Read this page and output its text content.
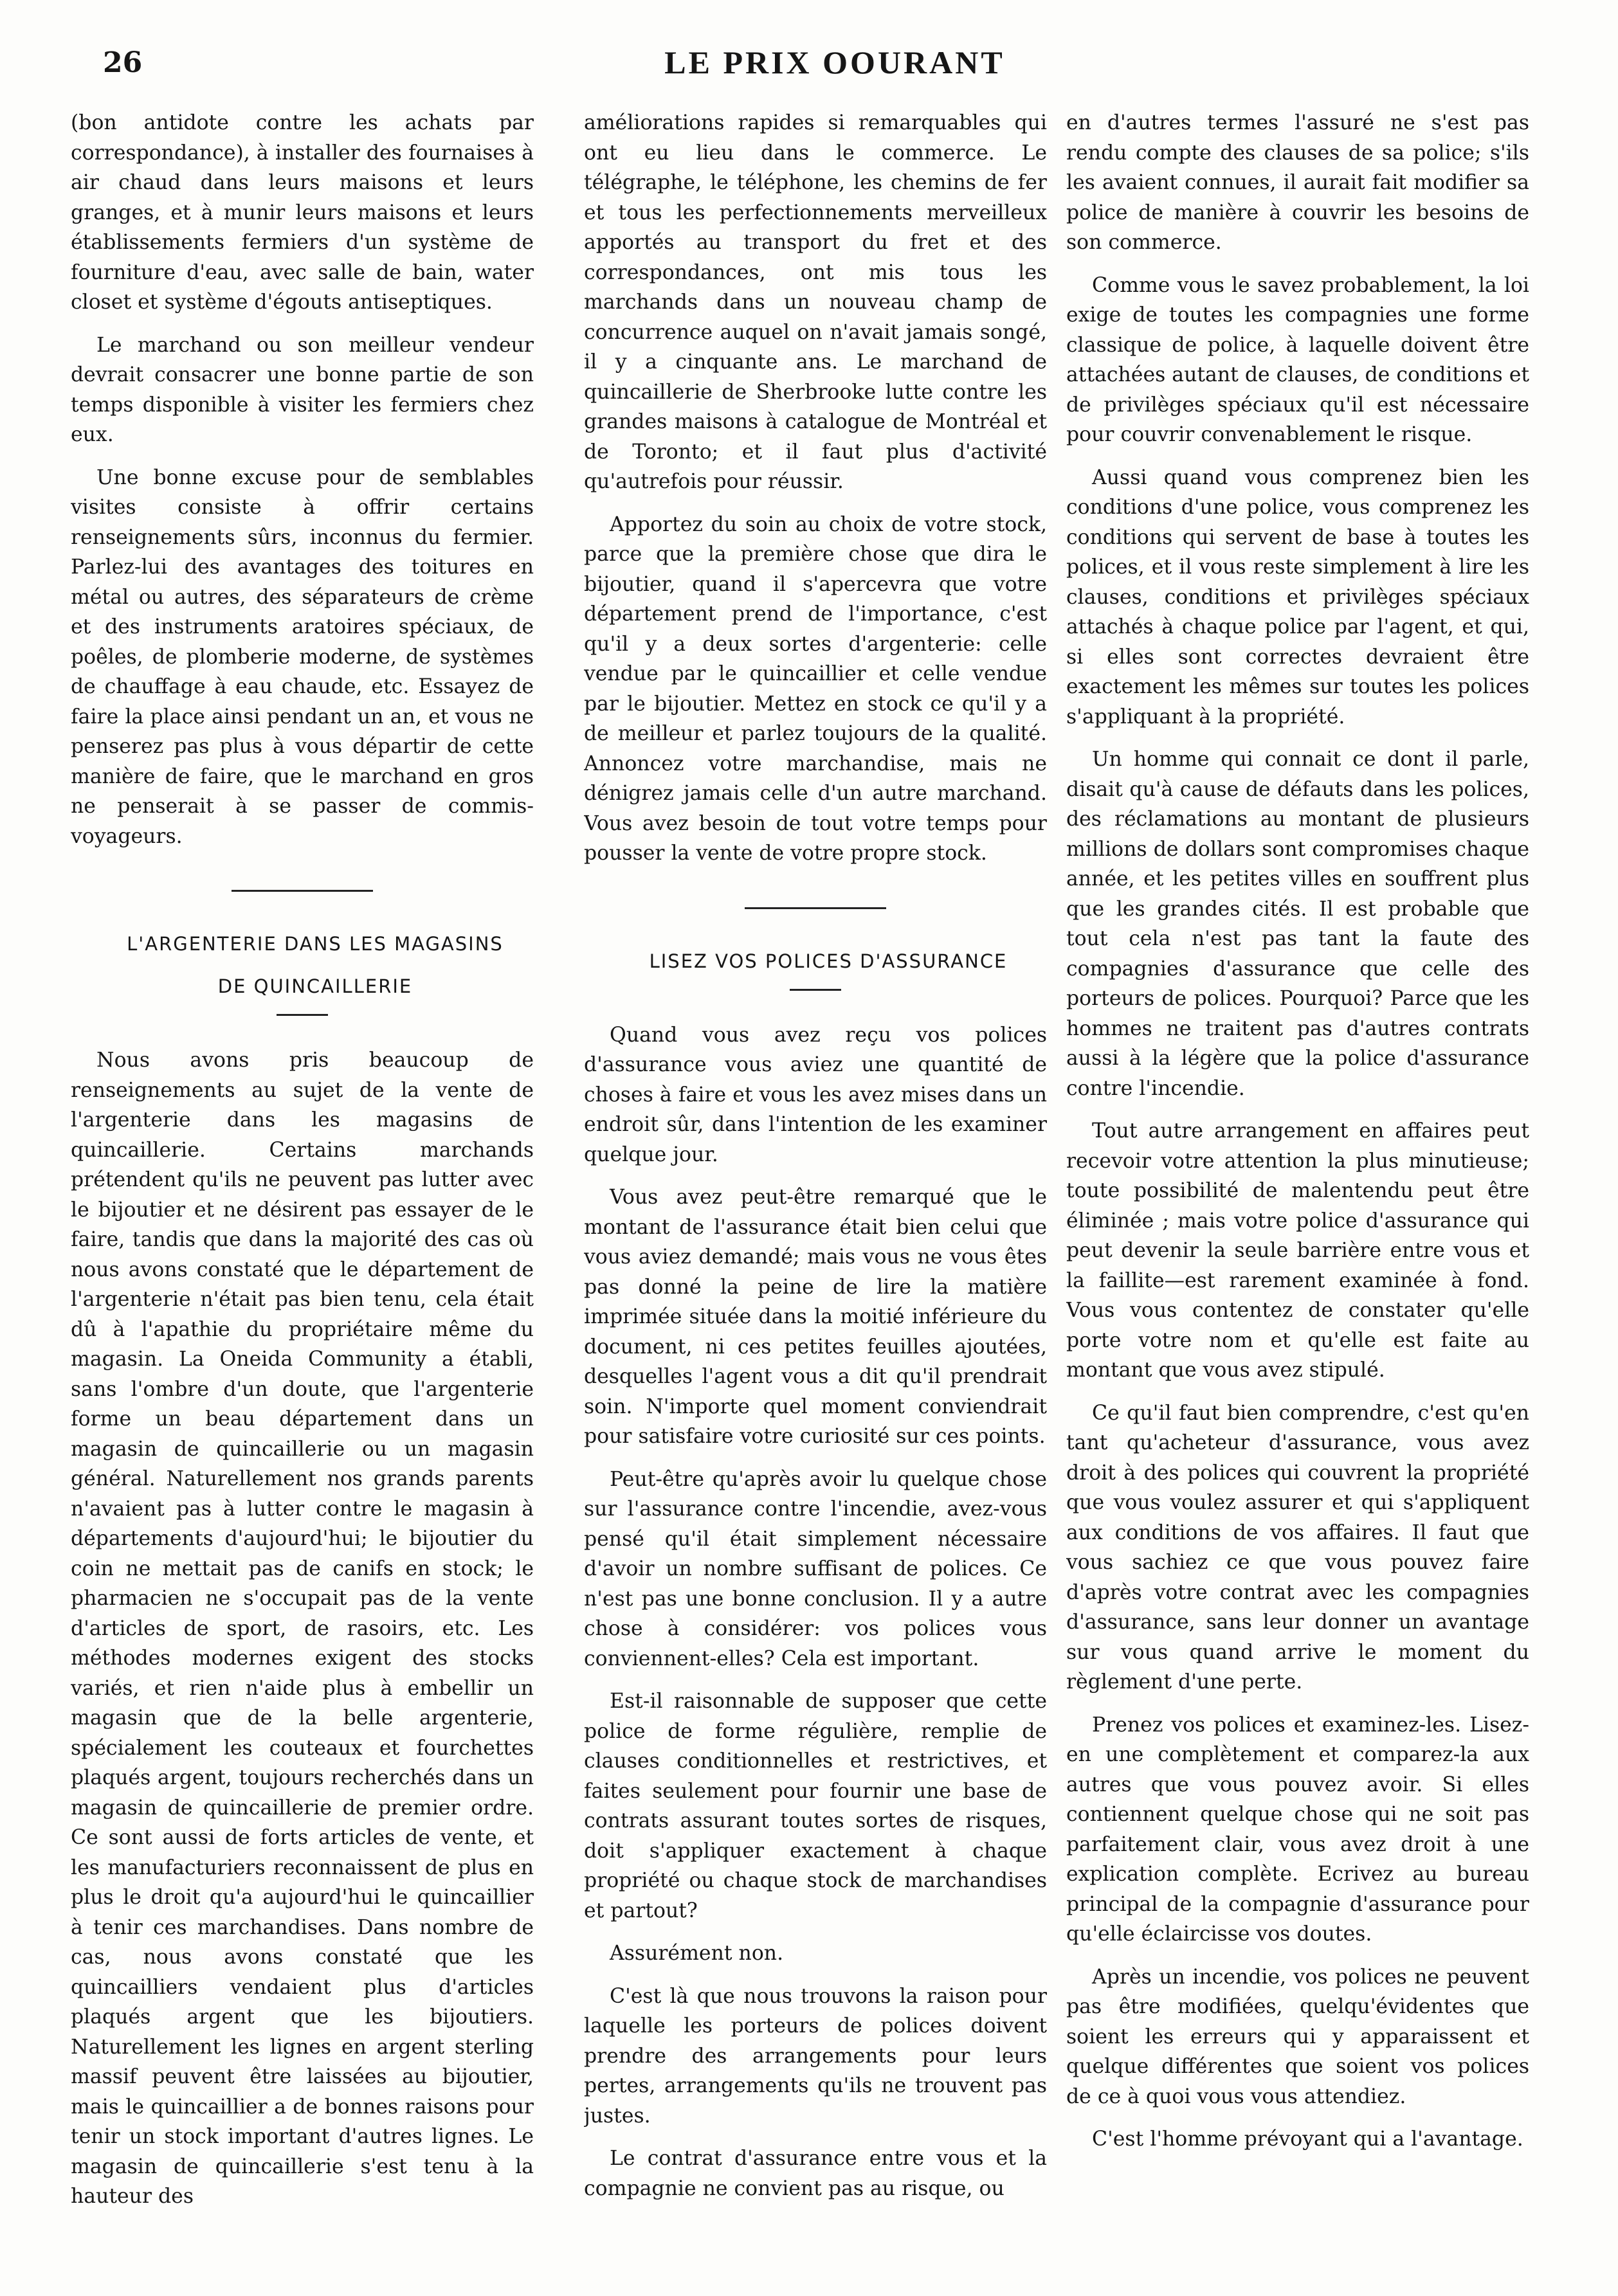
26	LE PRIX OOURANT

(bon antidote contre les achats par correspondance), à installer des fournaises à air chaud dans leurs maisons et leurs granges, et à munir leurs maisons et leurs établissements fermiers d'un système de fourniture d'eau, avec salle de bain, water closet et système d'égouts antiseptiques.

Le marchand ou son meilleur vendeur devrait consacrer une bonne partie de son temps disponible à visiter les fermiers chez eux.

Une bonne excuse pour de semblables visites consiste à offrir certains renseignements sûrs, inconnus du fermier. Parlez-lui des avantages des toitures en métal ou autres, des séparateurs de crème et des instruments aratoires spéciaux, de poêles, de plomberie moderne, de systèmes de chauffage à eau chaude, etc. Essayez de faire la place ainsi pendant un an, et vous ne penserez pas plus à vous départir de cette manière de faire, que le marchand en gros ne penserait à se passer de commis-voyageurs.

L'ARGENTERIE DANS LES MAGASINS

DE QUINCAILLERIE

Nous avons pris beaucoup de renseignements au sujet de la vente de l'argenterie dans les magasins de quincaillerie. Certains marchands prétendent qu'ils ne peuvent pas lutter avec le bijoutier et ne désirent pas essayer de le faire, tandis que dans la majorité des cas où nous avons constaté que le département de l'argenterie n'était pas bien tenu, cela était dû à l'apathie du propriétaire même du magasin. La Oneida Community a établi, sans l'ombre d'un doute, que l'argenterie forme un beau département dans un magasin de quincaillerie ou un magasin général. Naturellement nos grands parents n'avaient pas à lutter contre le magasin à départements d'aujourd'hui; le bijoutier du coin ne mettait pas de canifs en stock; le pharmacien ne s'occupait pas de la vente d'articles de sport, de rasoirs, etc. Les méthodes modernes exigent des stocks variés, et rien n'aide plus à embellir un magasin que de la belle argenterie, spécialement les couteaux et fourchettes plaqués argent, toujours recherchés dans un magasin de quincaillerie de premier ordre. Ce sont aussi de forts articles de vente, et les manufacturiers reconnaissent de plus en plus le droit qu'a aujourd'hui le quincaillier à tenir ces marchandises. Dans nombre de cas, nous avons constaté que les quincailliers vendaient plus d'articles plaqués argent que les bijoutiers. Naturellement les lignes en argent sterling massif peuvent être laissées au bijoutier, mais le quincaillier a de bonnes raisons pour tenir un stock important d'autres lignes. Le magasin de quincaillerie s'est tenu à la hauteur des

améliorations rapides si remarquables qui ont eu lieu dans le commerce. Le télégraphe, le téléphone, les chemins de fer et tous les perfectionnements merveilleux apportés au transport du fret et des correspondances, ont mis tous les marchands dans un nouveau champ de concurrence auquel on n'avait jamais songé, il y a cinquante ans. Le marchand de quincaillerie de Sherbrooke lutte contre les grandes maisons à catalogue de Montréal et de Toronto; et il faut plus d'activité qu'autrefois pour réussir.

Apportez du soin au choix de votre stock, parce que la première chose que dira le bijoutier, quand il s'apercevra que votre département prend de l'importance, c'est qu'il y a deux sortes d'argenterie: celle vendue par le quincaillier et celle vendue par le bijoutier. Mettez en stock ce qu'il y a de meilleur et parlez toujours de la qualité. Annoncez votre marchandise, mais ne dénigrez jamais celle d'un autre marchand. Vous avez besoin de tout votre temps pour pousser la vente de votre propre stock.

LISEZ VOS POLICES D'ASSURANCE

Quand vous avez reçu vos polices d'assurance vous aviez une quantité de choses à faire et vous les avez mises dans un endroit sûr, dans l'intention de les examiner quelque jour.

Vous avez peut-être remarqué que le montant de l'assurance était bien celui que vous aviez demandé; mais vous ne vous êtes pas donné la peine de lire la matière imprimée située dans la moitié inférieure du document, ni ces petites feuilles ajoutées, desquelles l'agent vous a dit qu'il prendrait soin. N'importe quel moment conviendrait pour satisfaire votre curiosité sur ces points.

Peut-être qu'après avoir lu quelque chose sur l'assurance contre l'incendie, avez-vous pensé qu'il était simplement nécessaire d'avoir un nombre suffisant de polices. Ce n'est pas une bonne conclusion. Il y a autre chose à considérer: vos polices vous conviennent-elles? Cela est important.

Est-il raisonnable de supposer que cette police de forme régulière, remplie de clauses conditionnelles et restrictives, et faites seulement pour fournir une base de contrats assurant toutes sortes de risques, doit s'appliquer exactement à chaque propriété ou chaque stock de marchandises et partout?

Assurément non.

C'est là que nous trouvons la raison pour laquelle les porteurs de polices doivent prendre des arrangements pour leurs pertes, arrangements qu'ils ne trouvent pas justes.

Le contrat d'assurance entre vous et la compagnie ne convient pas au risque, ou

en d'autres termes l'assuré ne s'est pas rendu compte des clauses de sa police; s'ils les avaient connues, il aurait fait modifier sa police de manière à couvrir les besoins de son commerce.

Comme vous le savez probablement, la loi exige de toutes les compagnies une forme classique de police, à laquelle doivent être attachées autant de clauses, de conditions et de privilèges spéciaux qu'il est nécessaire pour couvrir convenablement le risque.

Aussi quand vous comprenez bien les conditions d'une police, vous comprenez les conditions qui servent de base à toutes les polices, et il vous reste simplement à lire les clauses, conditions et privilèges spéciaux attachés à chaque police par l'agent, et qui, si elles sont correctes devraient être exactement les mêmes sur toutes les polices s'appliquant à la propriété.

Un homme qui connait ce dont il parle, disait qu'à cause de défauts dans les polices, des réclamations au montant de plusieurs millions de dollars sont compromises chaque année, et les petites villes en souffrent plus que les grandes cités. Il est probable que tout cela n'est pas tant la faute des compagnies d'assurance que celle des porteurs de polices. Pourquoi? Parce que les hommes ne traitent pas d'autres contrats aussi à la légère que la police d'assurance contre l'incendie.

Tout autre arrangement en affaires peut recevoir votre attention la plus minutieuse; toute possibilité de malentendu peut être éliminée ; mais votre police d'assurance qui peut devenir la seule barrière entre vous et la faillite—est rarement examinée à fond. Vous vous contentez de constater qu'elle porte votre nom et qu'elle est faite au montant que vous avez stipulé.

Ce qu'il faut bien comprendre, c'est qu'en tant qu'acheteur d'assurance, vous avez droit à des polices qui couvrent la propriété que vous voulez assurer et qui s'appliquent aux conditions de vos affaires. Il faut que vous sachiez ce que vous pouvez faire d'après votre contrat avec les compagnies d'assurance, sans leur donner un avantage sur vous quand arrive le moment du règlement d'une perte.

Prenez vos polices et examinez-les. Lisez-en une complètement et comparez-la aux autres que vous pouvez avoir. Si elles contiennent quelque chose qui ne soit pas parfaitement clair, vous avez droit à une explication complète. Ecrivez au bureau principal de la compagnie d'assurance pour qu'elle éclaircisse vos doutes.

Après un incendie, vos polices ne peuvent pas être modifiées, quelqu'évidentes que soient les erreurs qui y apparaissent et quelque différentes que soient vos polices de ce à quoi vous vous attendiez.

C'est l'homme prévoyant qui a l'avantage.
